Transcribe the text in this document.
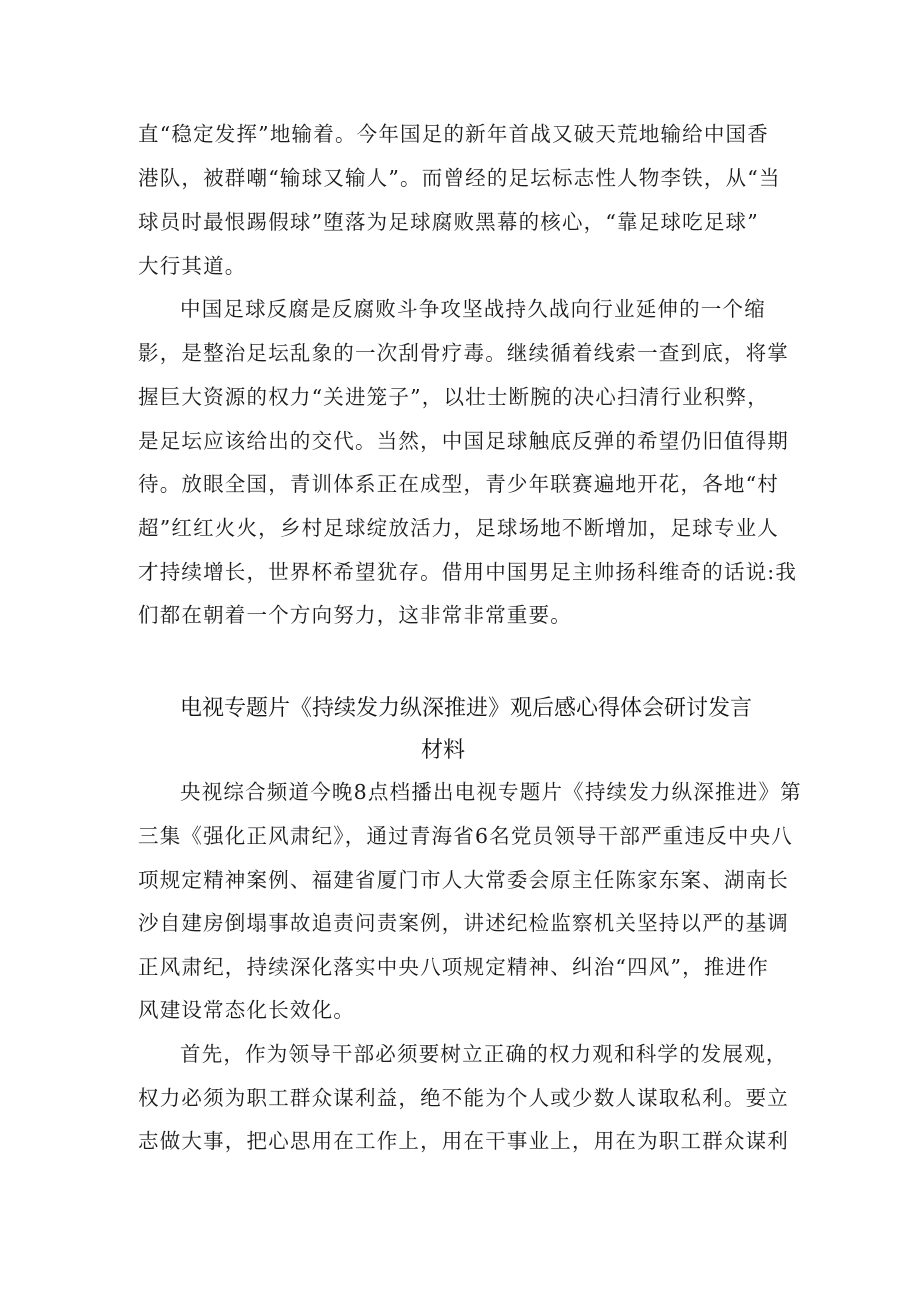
直“稳定发挥”地输着。今年国足的新年首战又破天荒地输给中国香
港队，被群嘲“输球又输人”。而曾经的足坛标志性人物李铁，从“当
球员时最恨踢假球”堕落为足球腐败黑幕的核心，“靠足球吃足球”
大行其道。
中国足球反腐是反腐败斗争攻坚战持久战向行业延伸的一个缩
影，是整治足坛乱象的一次刮骨疗毒。继续循着线索一查到底，将掌
握巨大资源的权力“关进笼子”，以壮士断腕的决心扫清行业积弊，
是足坛应该给出的交代。当然，中国足球触底反弹的希望仍旧值得期
待。放眼全国，青训体系正在成型，青少年联赛遍地开花，各地“村
超”红红火火，乡村足球绽放活力，足球场地不断增加，足球专业人
才持续增长，世界杯希望犹存。借用中国男足主帅扬科维奇的话说:我
们都在朝着一个方向努力，这非常非常重要。
电视专题片《持续发力纵深推进》观后感心得体会研讨发言
材料
央视综合频道今晚8点档播出电视专题片《持续发力纵深推进》第
三集《强化正风肃纪》，通过青海省6名党员领导干部严重违反中央八
项规定精神案例、福建省厦门市人大常委会原主任陈家东案、湖南长
沙自建房倒塌事故追责问责案例，讲述纪检监察机关坚持以严的基调
正风肃纪，持续深化落实中央八项规定精神、纠治“四风”，推进作
风建设常态化长效化。
首先，作为领导干部必须要树立正确的权力观和科学的发展观，
权力必须为职工群众谋利益，绝不能为个人或少数人谋取私利。要立
志做大事，把心思用在工作上，用在干事业上，用在为职工群众谋利
